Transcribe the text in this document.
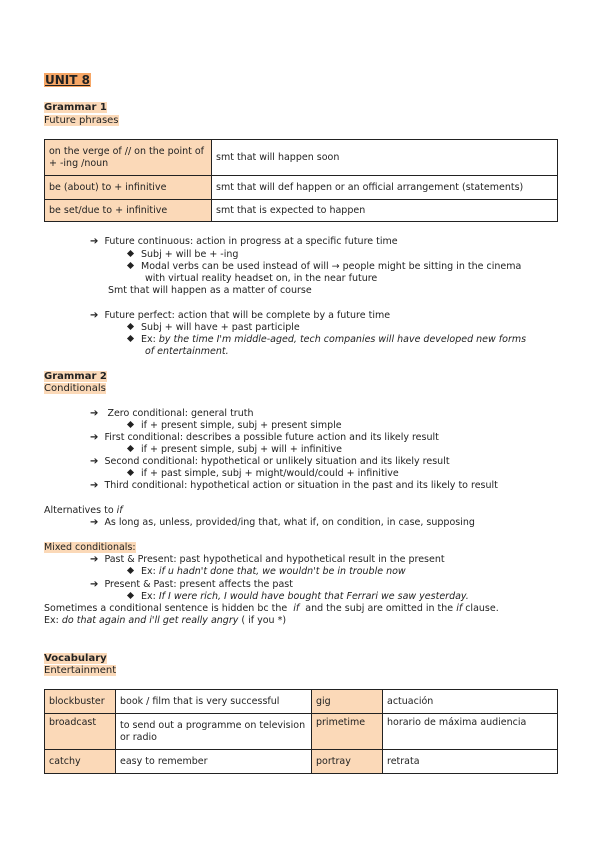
UNIT 8
Grammar 1
Future phrases
on the verge of // on the point of + -ing /noun	smt that will happen soon
be (about) to + infinitive	smt that will def happen or an official arrangement (statements)
be set/due to + infinitive	smt that is expected to happen
➔ Future continuous: action in progress at a specific future time
Subj + will be + -ing
Modal verbs can be used instead of will → people might be sitting in the cinema
with virtual reality headset on, in the near future
Smt that will happen as a matter of course
➔ Future perfect: action that will be complete by a future time
Subj + will have + past participle
Ex: by the time I'm middle-aged, tech companies will have developed new forms
of entertainment.
Grammar 2
Conditionals
➔ Zero conditional: general truth
if + present simple, subj + present simple
➔ First conditional: describes a possible future action and its likely result
if + present simple, subj + will + infinitive
➔ Second conditional: hypothetical or unlikely situation and its likely result
if + past simple, subj + might/would/could + infinitive
➔ Third conditional: hypothetical action or situation in the past and its likely to result
Alternatives to if
➔ As long as, unless, provided/ing that, what if, on condition, in case, supposing
Mixed conditionals:
➔ Past & Present: past hypothetical and hypothetical result in the present
Ex: if u hadn't done that, we wouldn't be in trouble now
➔ Present & Past: present affects the past
Ex: If I were rich, I would have bought that Ferrari we saw yesterday.
Sometimes a conditional sentence is hidden bc the if and the subj are omitted in the if clause.
Ex: do that again and i'll get really angry ( if you *)
Vocabulary
Entertainment
blockbuster	book / film that is very successful	gig	actuación
broadcast	to send out a programme on television or radio	primetime	horario de máxima audiencia
catchy	easy to remember	portray	retrata
